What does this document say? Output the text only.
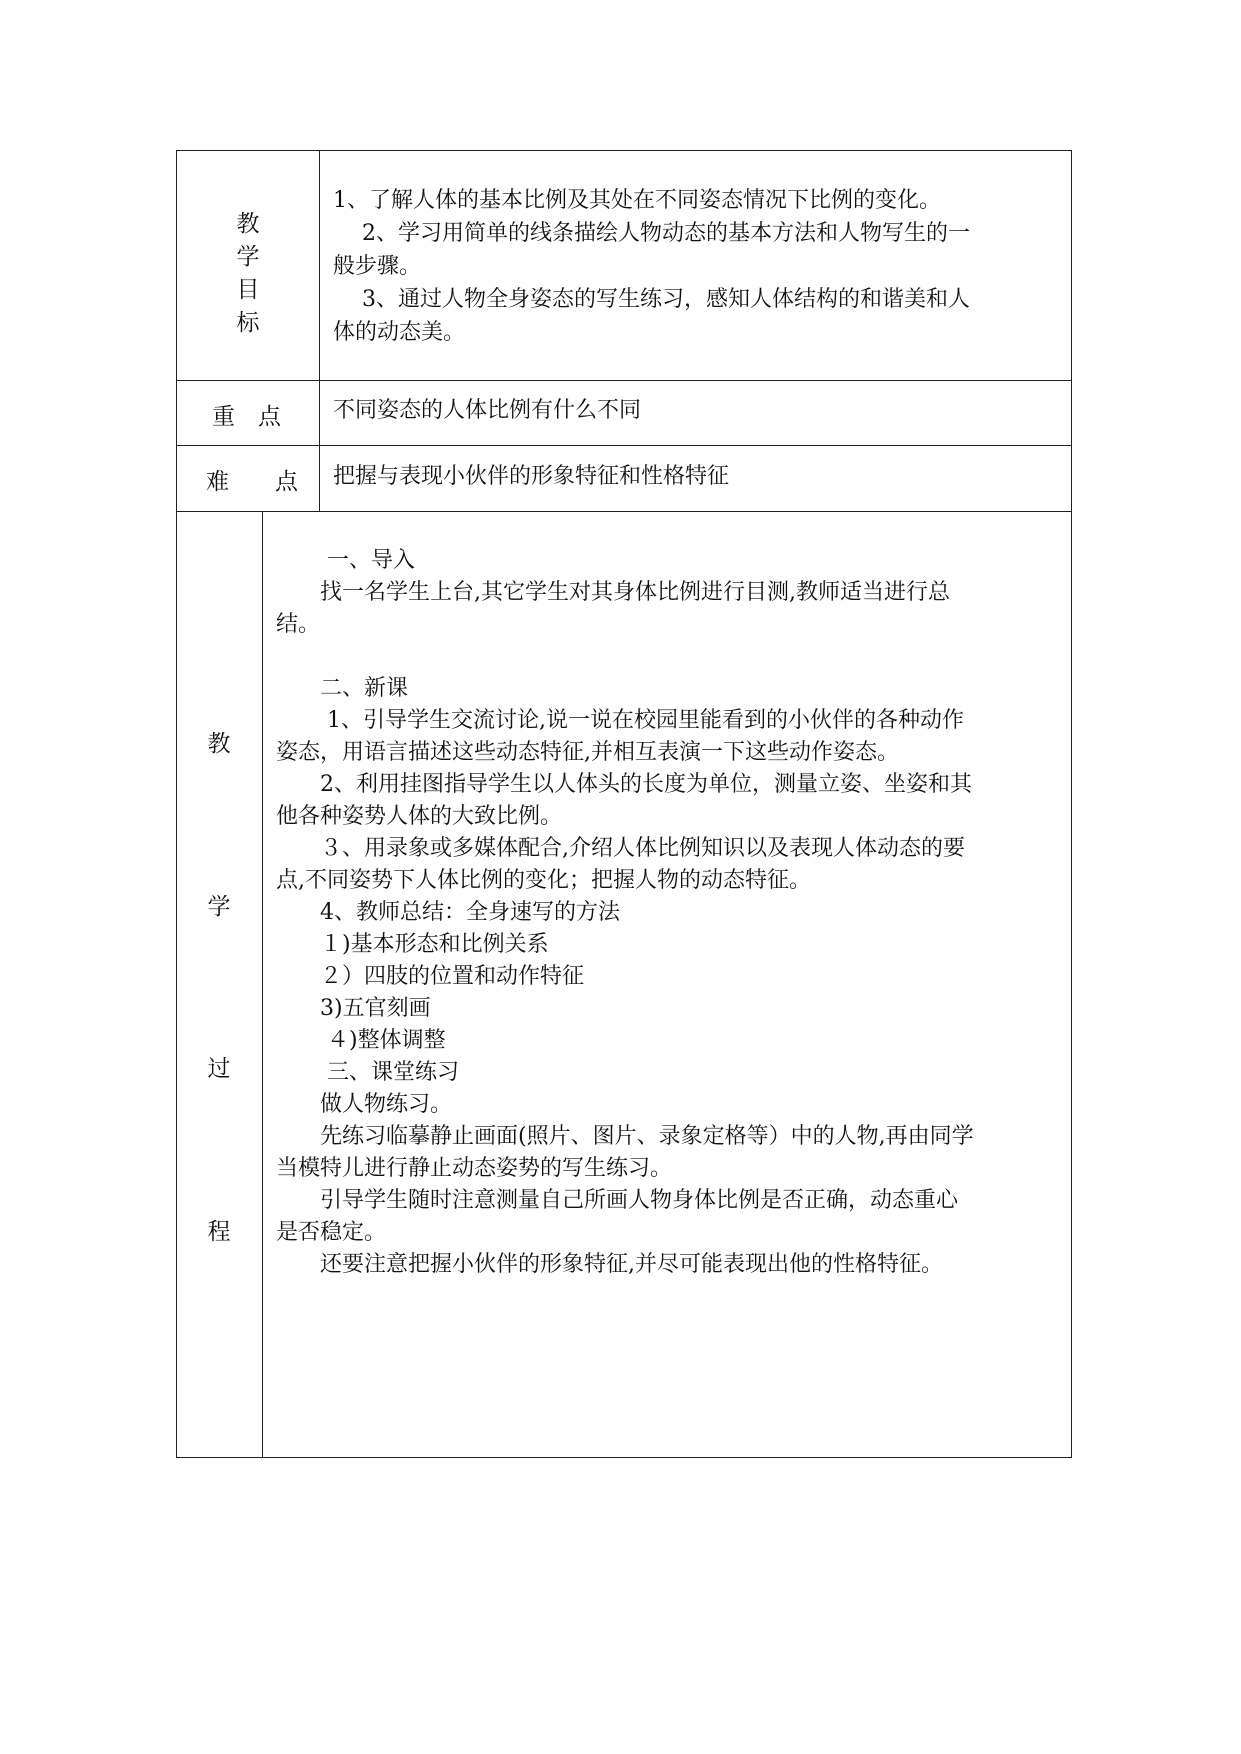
教
学
目
标
1、了解人体的基本比例及其处在不同姿态情况下比例的变化。
　 2、学习用简单的线条描绘人物动态的基本方法和人物写生的一
般步骤。
　 3、通过人物全身姿态的写生练习，感知人体结构的和谐美和人
体的动态美。
重　点 不同姿态的人体比例有什么不同
难　　点 把握与表现小伙伴的形象特征和性格特征
教
学
过
程
　　 一、导入
　　找一名学生上台,其它学生对其身体比例进行目测,教师适当进行总
结。
　　二、新课
　　 1、引导学生交流讨论,说一说在校园里能看到的小伙伴的各种动作
姿态，用语言描述这些动态特征,并相互表演一下这些动作姿态。
　　2、利用挂图指导学生以人体头的长度为单位，测量立姿、坐姿和其
他各种姿势人体的大致比例。
　　３、用录象或多媒体配合,介绍人体比例知识以及表现人体动态的要
点,不同姿势下人体比例的变化；把握人物的动态特征。
　　4、教师总结：全身速写的方法
　　１)基本形态和比例关系
　　２）四肢的位置和动作特征
　　3)五官刻画
　　 ４)整体调整
　　 三、课堂练习
　　做人物练习。
　　先练习临摹静止画面(照片、图片、录象定格等）中的人物,再由同学
当模特儿进行静止动态姿势的写生练习。
　　引导学生随时注意测量自己所画人物身体比例是否正确，动态重心
是否稳定。
　　还要注意把握小伙伴的形象特征,并尽可能表现出他的性格特征。
